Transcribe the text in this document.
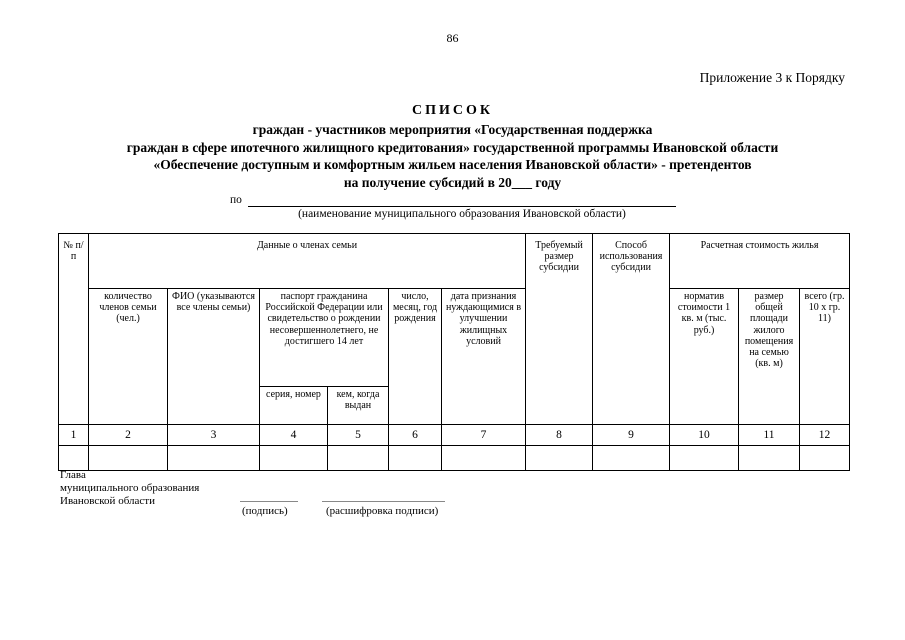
86
Приложение 3 к Порядку
СПИСОК
граждан - участников мероприятия «Государственная поддержка
граждан в сфере ипотечного жилищного кредитования» государственной программы Ивановской области
«Обеспечение доступным и комфортным жильем населения Ивановской области» - претендентов
на получение субсидий в 20___ году
по
(наименование муниципального образования Ивановской области)
№ п/п	Данные о членах семьи						Требуемый размер субсидии	Способ использования субсидии	Расчетная стоимость жилья		
	количество членов семьи (чел.)	ФИО (указываются все члены семьи)	паспорт гражданина Российской Федерации или свидетельство о рождении несовершеннолетнего, не достигшего 14 лет		число, месяц, год рождения	дата признания нуждающимися в улучшении жилищных условий			норматив стоимости 1 кв. м (тыс. руб.)	размер общей площади жилого помещения на семью (кв. м)	всего (гр. 10 х гр. 11)
			серия, номер	кем, когда выдан							
1	2	3	4	5	6	7	8	9	10	11	12

Глава
муниципального образования
Ивановской области
(подпись)	(расшифровка подписи)
